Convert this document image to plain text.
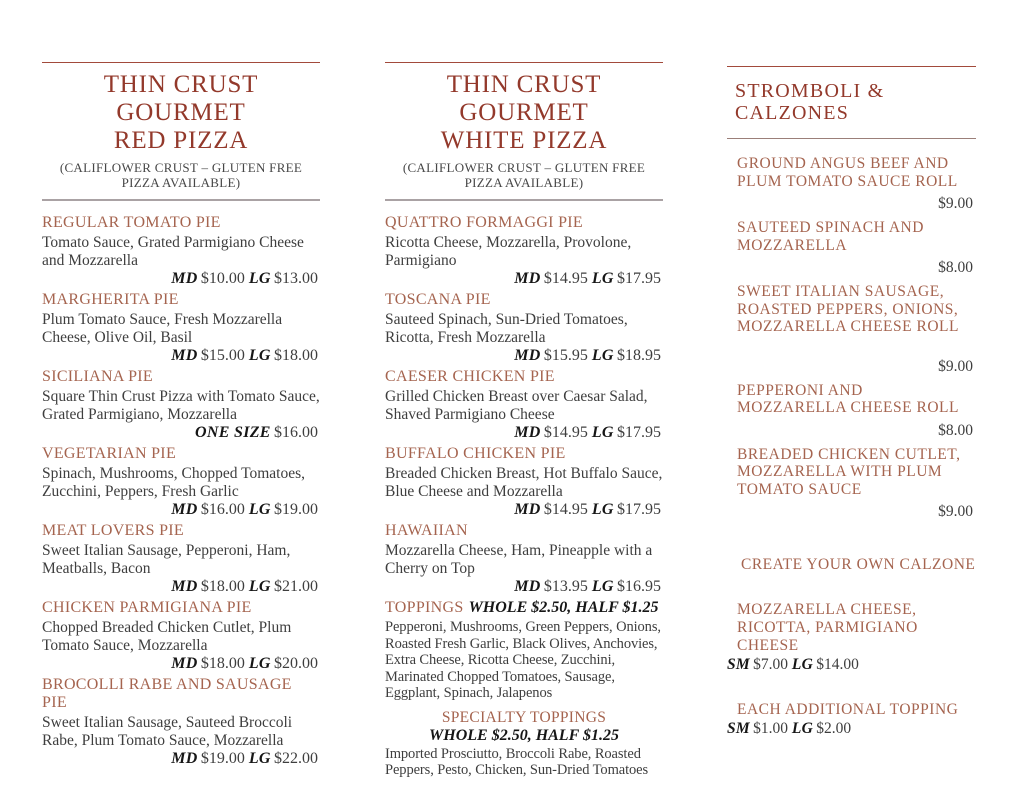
THIN CRUST GOURMET
RED PIZZA
(CALIFLOWER CRUST – GLUTEN FREE
PIZZA AVAILABLE)
REGULAR TOMATO PIE
Tomato Sauce, Grated Parmigiano Cheese and Mozzarella
MD  $10.00 LG  $13.00
MARGHERITA PIE
Plum Tomato Sauce, Fresh Mozzarella Cheese, Olive Oil, Basil
MD  $15.00 LG  $18.00
SICILIANA PIE
Square Thin Crust Pizza with Tomato Sauce, Grated Parmigiano, Mozzarella
ONE SIZE  $16.00
VEGETARIAN PIE
Spinach, Mushrooms, Chopped Tomatoes, Zucchini, Peppers, Fresh Garlic
MD  $16.00 LG  $19.00
MEAT LOVERS PIE
Sweet Italian Sausage, Pepperoni, Ham, Meatballs, Bacon
MD  $18.00 LG  $21.00
CHICKEN PARMIGIANA PIE
Chopped Breaded Chicken Cutlet, Plum Tomato Sauce, Mozzarella
MD  $18.00 LG  $20.00
BROCOLLI RABE AND SAUSAGE PIE
Sweet Italian Sausage, Sauteed Broccoli Rabe, Plum Tomato Sauce, Mozzarella
MD  $19.00 LG  $22.00
THIN CRUST GOURMET
WHITE PIZZA
(CALIFLOWER CRUST – GLUTEN FREE
PIZZA AVAILABLE)
QUATTRO FORMAGGI PIE
Ricotta Cheese, Mozzarella, Provolone, Parmigiano
MD  $14.95 LG  $17.95
TOSCANA PIE
Sauteed Spinach, Sun-Dried Tomatoes, Ricotta, Fresh Mozzarella
MD  $15.95 LG  $18.95
CAESER CHICKEN PIE
Grilled Chicken Breast over Caesar Salad, Shaved Parmigiano Cheese
MD  $14.95 LG  $17.95
BUFFALO CHICKEN PIE
Breaded Chicken Breast, Hot Buffalo Sauce, Blue Cheese and Mozzarella
MD  $14.95 LG  $17.95
HAWAIIAN
Mozzarella Cheese, Ham, Pineapple with a Cherry on Top
MD  $13.95 LG  $16.95
TOPPINGS WHOLE $2.50, HALF $1.25

Pepperoni, Mushrooms, Green Peppers, Onions, Roasted Fresh Garlic, Black Olives, Anchovies, Extra Cheese, Ricotta Cheese, Zucchini, Marinated Chopped Tomatoes, Sausage, Eggplant, Spinach, Jalapenos

SPECIALTY TOPPINGS
WHOLE $2.50, HALF $1.25

Imported Prosciutto, Broccoli Rabe, Roasted Peppers, Pesto, Chicken, Sun-Dried Tomatoes

STROMBOLI & CALZONES
GROUND ANGUS BEEF AND PLUM TOMATO SAUCE ROLL
$9.00
SAUTEED SPINACH AND MOZZARELLA
$8.00
SWEET ITALIAN SAUSAGE, ROASTED PEPPERS, ONIONS, MOZZARELLA CHEESE ROLL
$9.00
PEPPERONI AND MOZZARELLA CHEESE ROLL
$8.00
BREADED CHICKEN CUTLET, MOZZARELLA WITH PLUM TOMATO SAUCE
$9.00
CREATE YOUR OWN CALZONE
MOZZARELLA CHEESE, RICOTTA, PARMIGIANO CHEESE
SM  $7.00 LG  $14.00
EACH ADDITIONAL TOPPING
SM  $1.00 LG  $2.00
